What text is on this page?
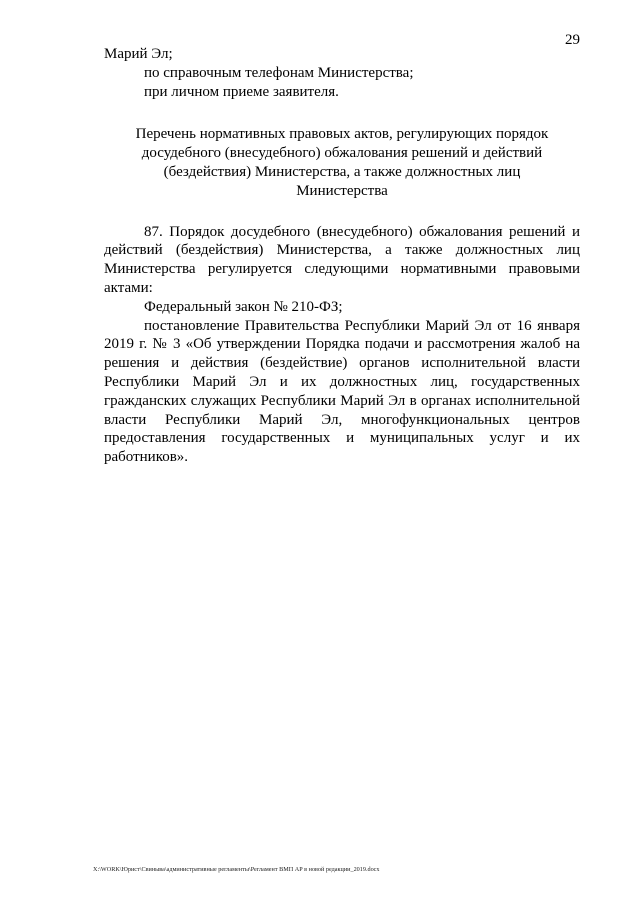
29

Марий Эл;

по справочным телефонам Министерства;

при личном приеме заявителя.

Перечень нормативных правовых актов, регулирующих порядок
досудебного (внесудебного) обжалования решений и действий
(бездействия) Министерства, а также должностных лиц
Министерства

87. Порядок досудебного (внесудебного) обжалования решений и действий (бездействия) Министерства, а также должностных лиц Министерства регулируется следующими нормативными правовыми актами:

Федеральный закон № 210-ФЗ;

постановление Правительства Республики Марий Эл от 16 января 2019 г. № 3 «Об утверждении Порядка подачи и рассмотрения жалоб на решения и действия (бездействие) органов исполнительной власти Республики Марий Эл и их должностных лиц, государственных гражданских служащих Республики Марий Эл в органах исполнительной власти Республики Марий Эл, многофункциональных центров предоставления государственных и муниципальных услуг и их работников».

X:\WORK\Юрист\Свиныва\административные регламенты\Регламент ВМП АР в новой редакции_2019.docx
